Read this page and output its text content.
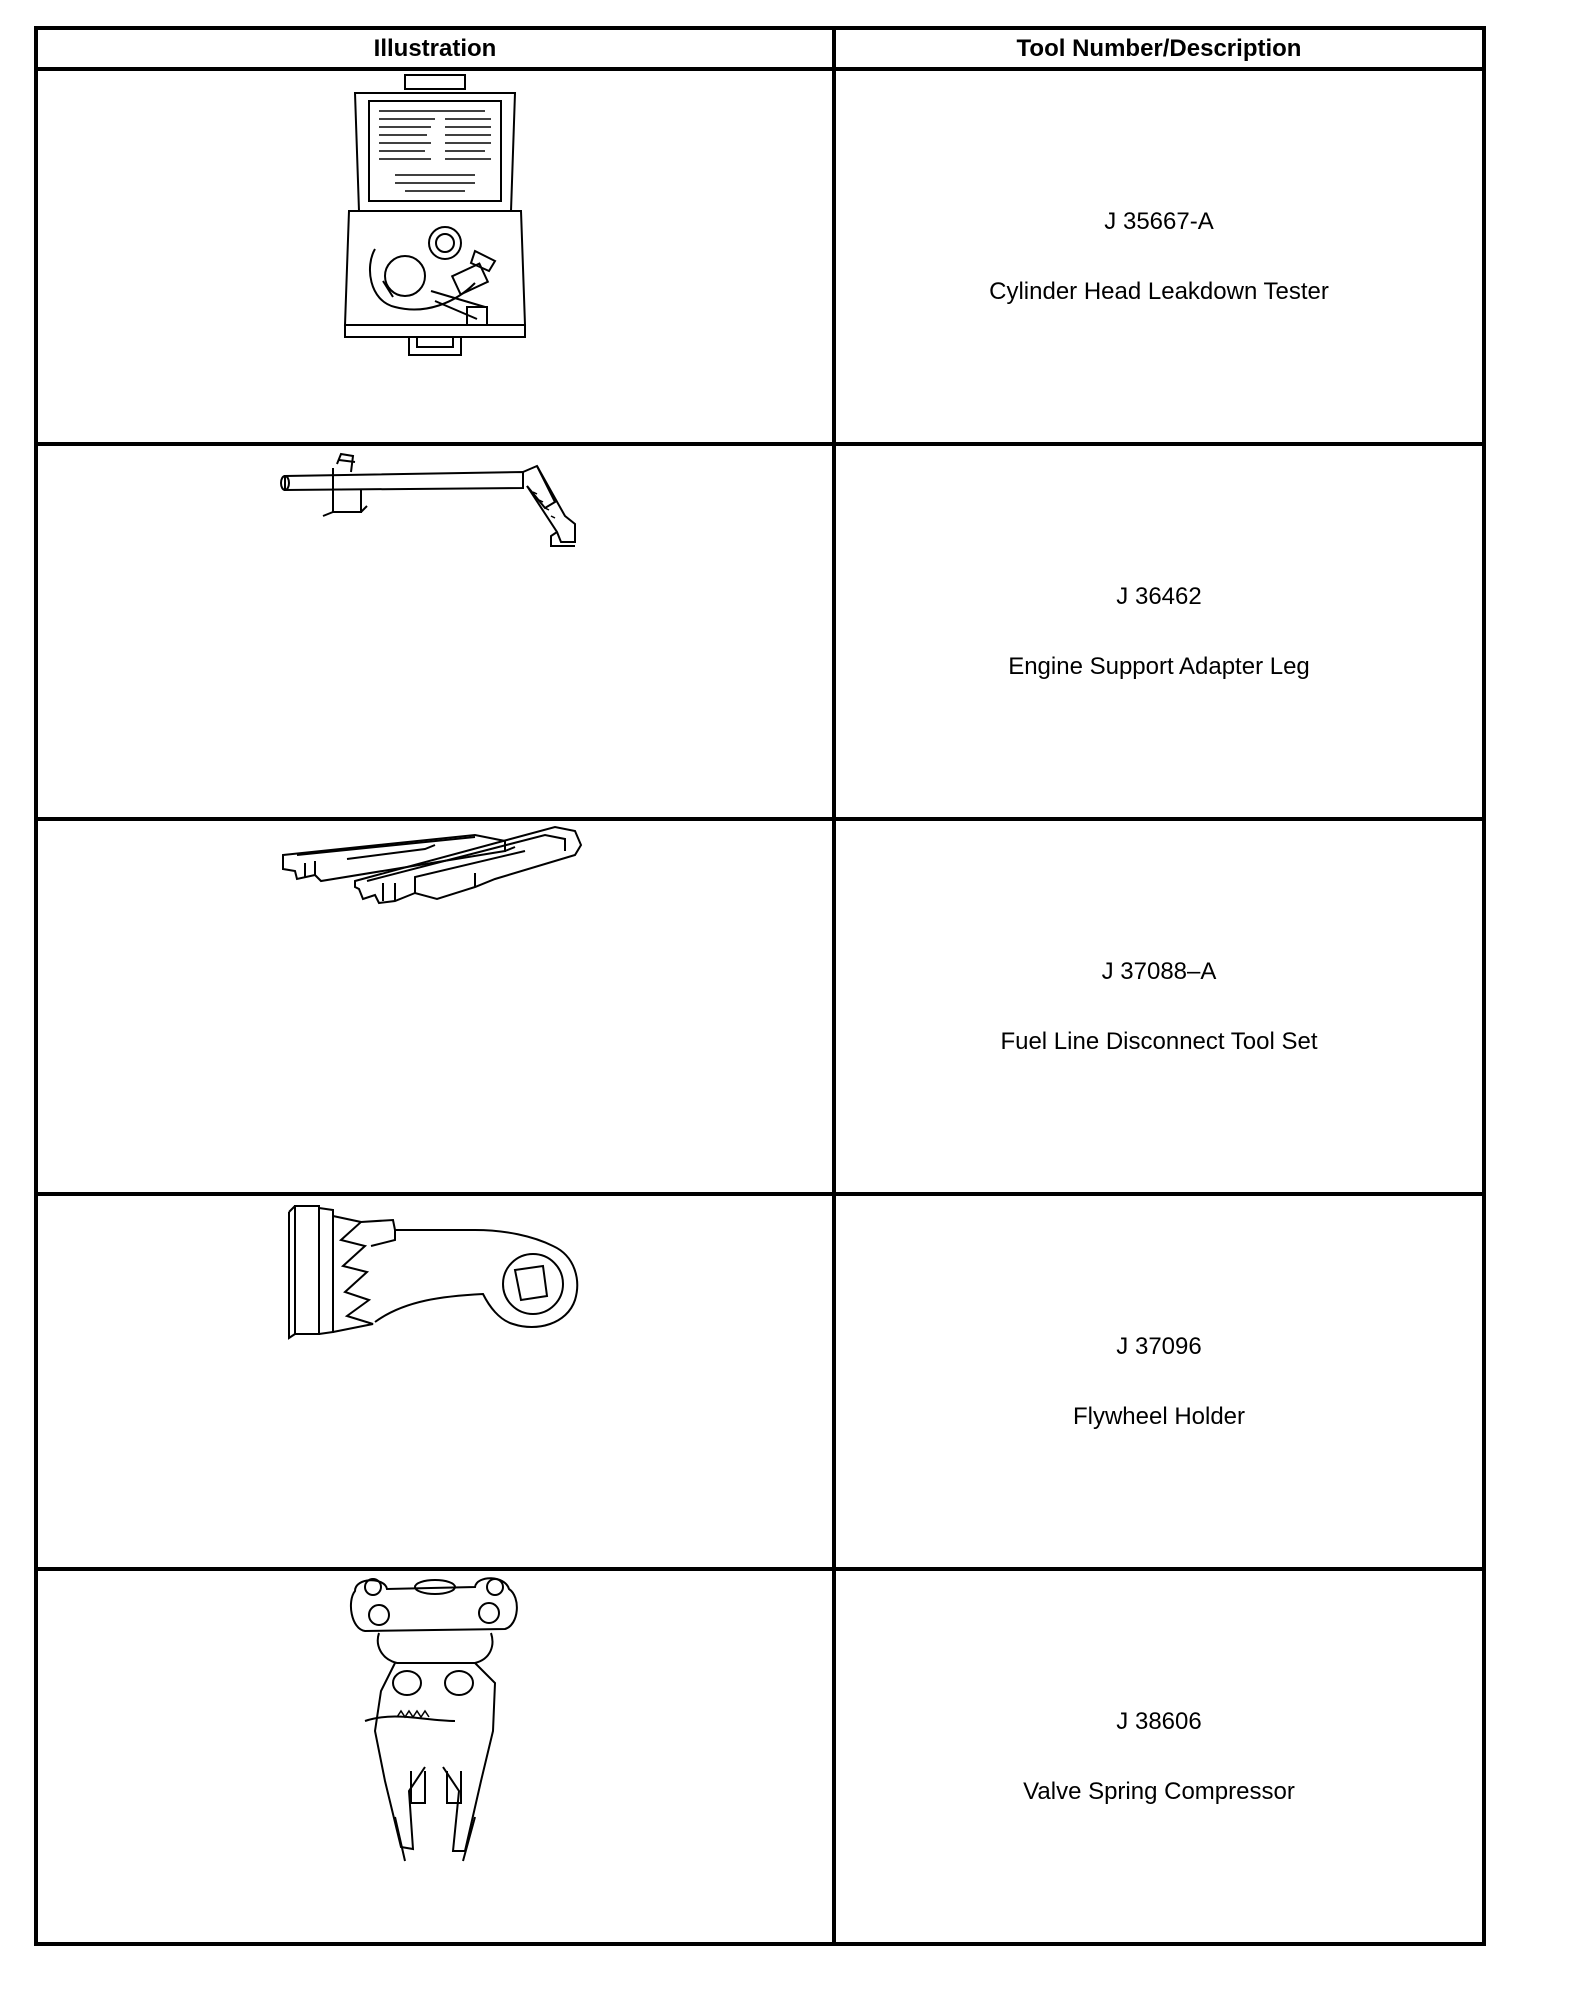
Illustration	Tool Number/Description

J 35667-A
Cylinder Head Leakdown Tester

J 36462
Engine Support Adapter Leg

J 37088–A
Fuel Line Disconnect Tool Set

J 37096
Flywheel Holder

J 38606
Valve Spring Compressor
